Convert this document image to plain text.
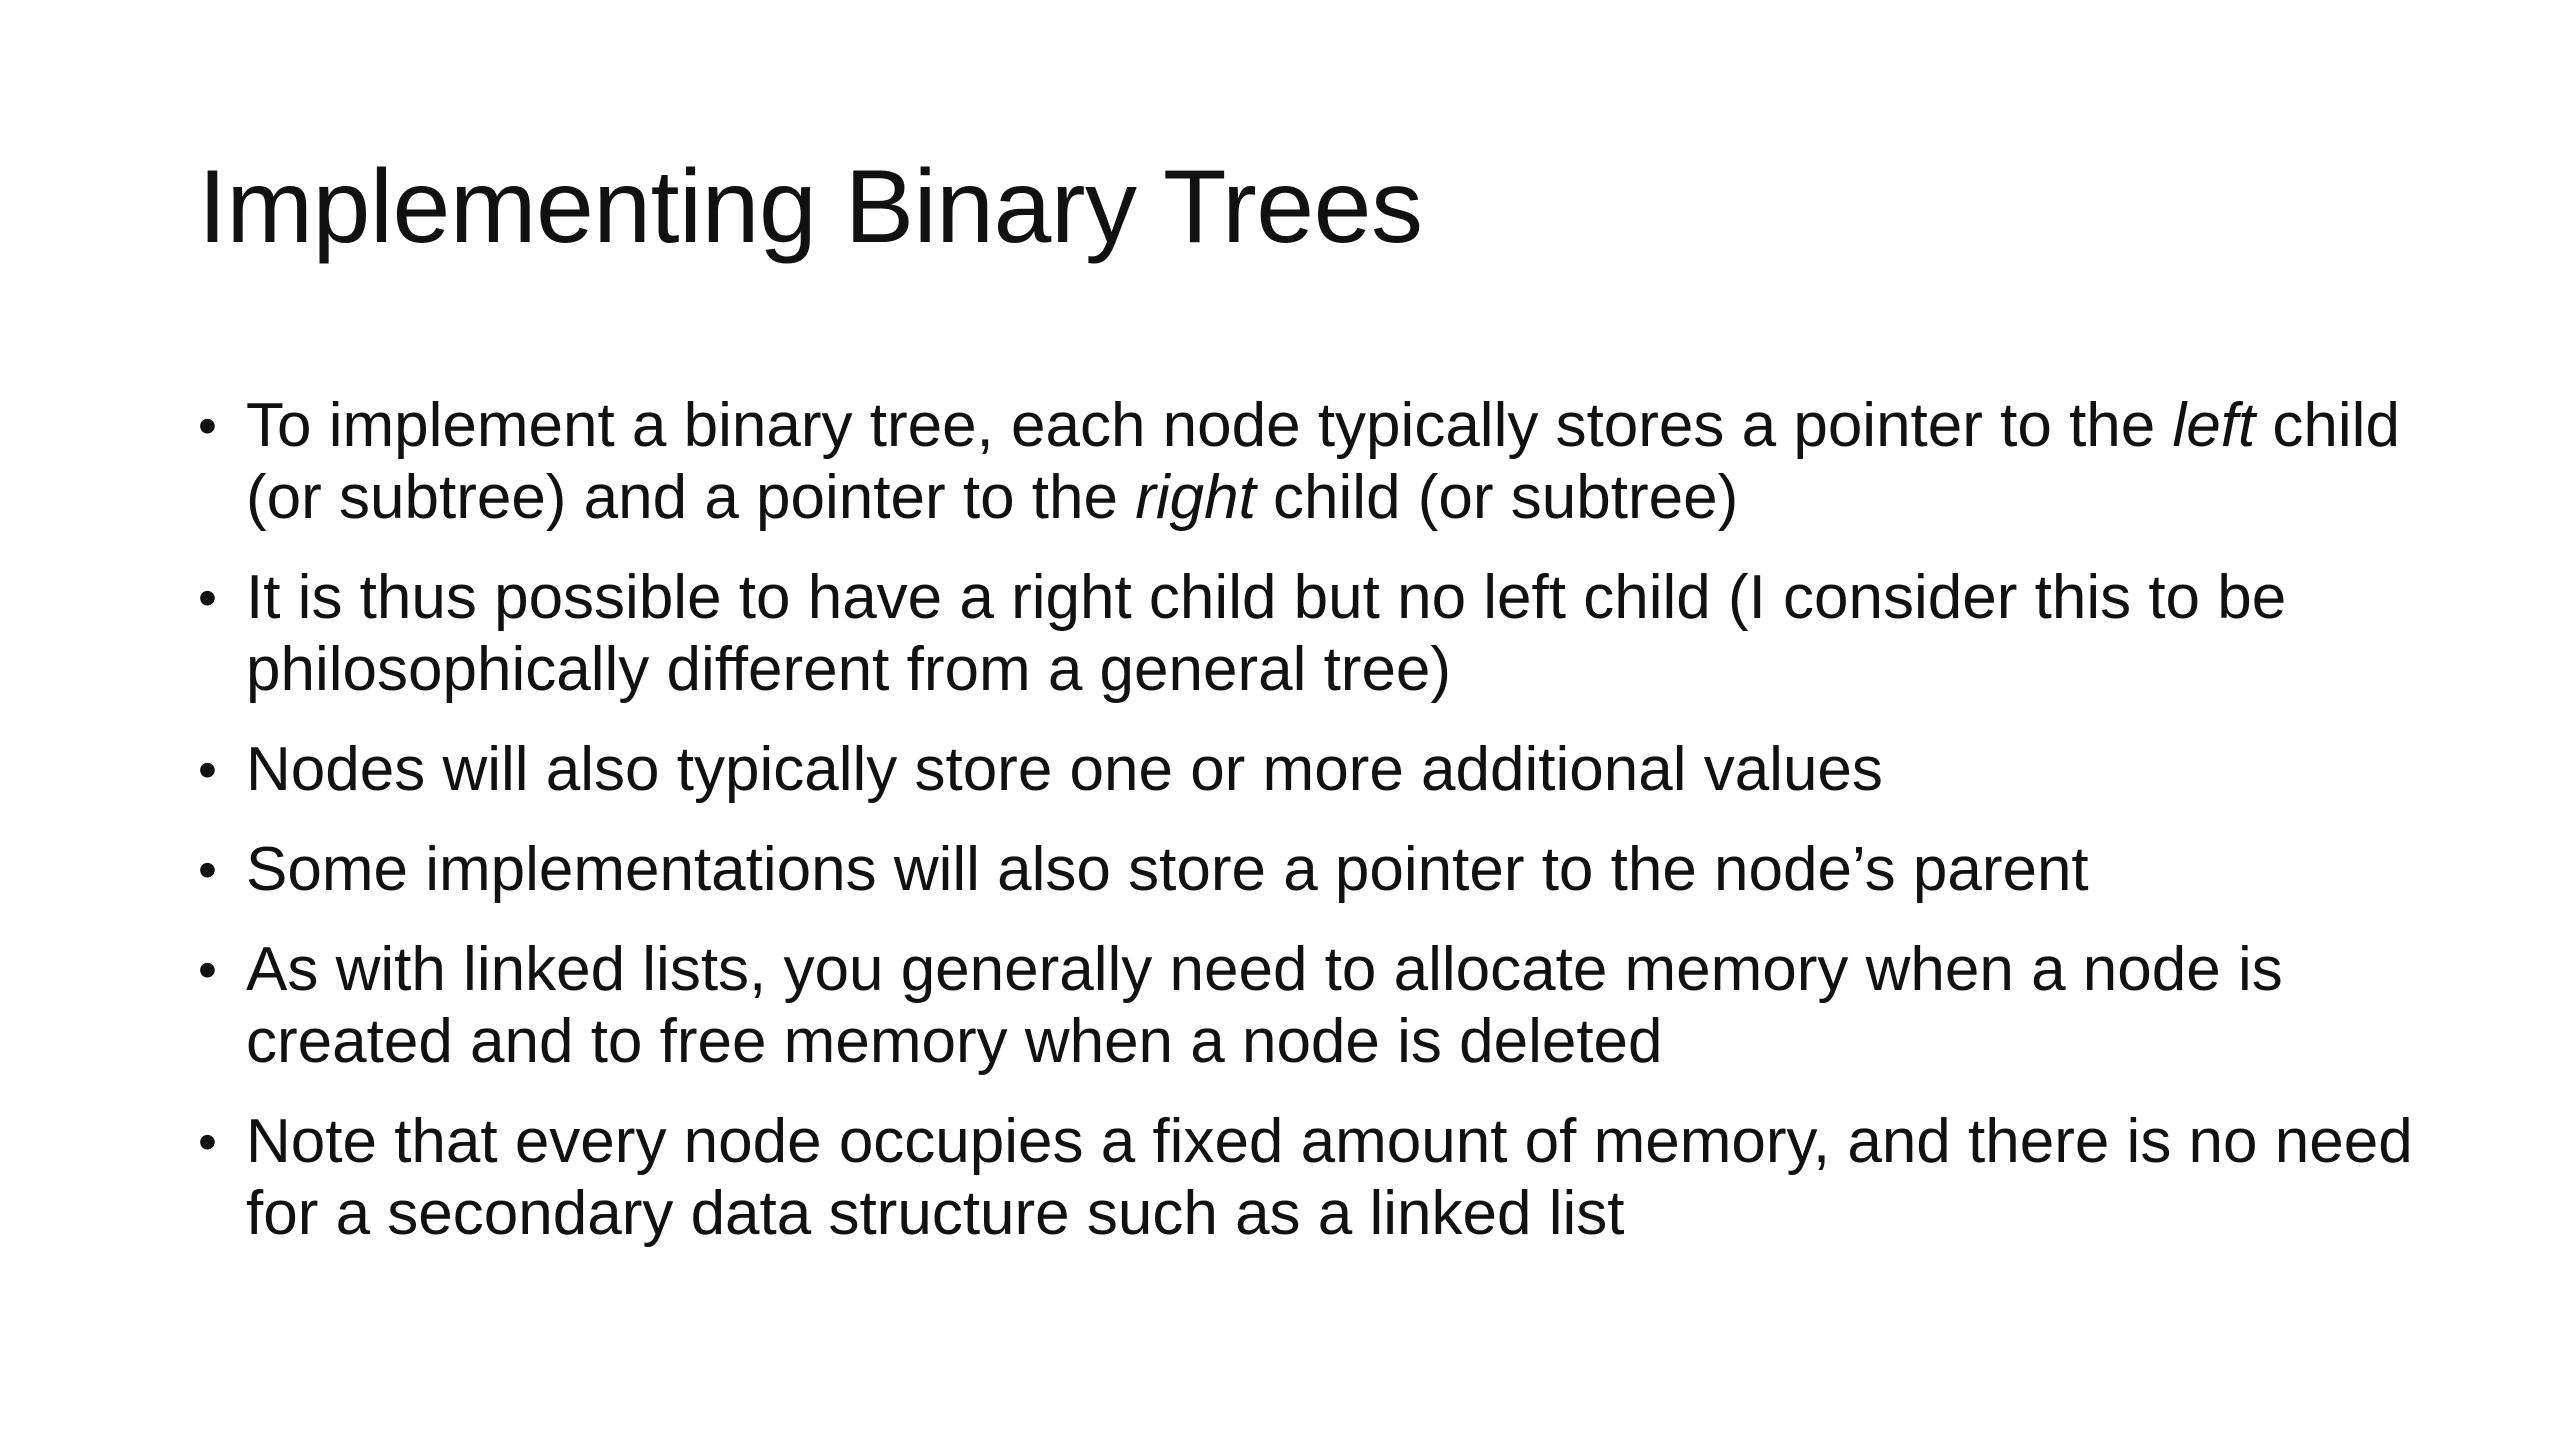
Implementing Binary Trees
• To implement a binary tree, each node typically stores a pointer to the left child (or subtree) and a pointer to the right child (or subtree)
• It is thus possible to have a right child but no left child (I consider this to be philosophically different from a general tree)
• Nodes will also typically store one or more additional values
• Some implementations will also store a pointer to the node’s parent
• As with linked lists, you generally need to allocate memory when a node is created and to free memory when a node is deleted
• Note that every node occupies a fixed amount of memory, and there is no need for a secondary data structure such as a linked list
